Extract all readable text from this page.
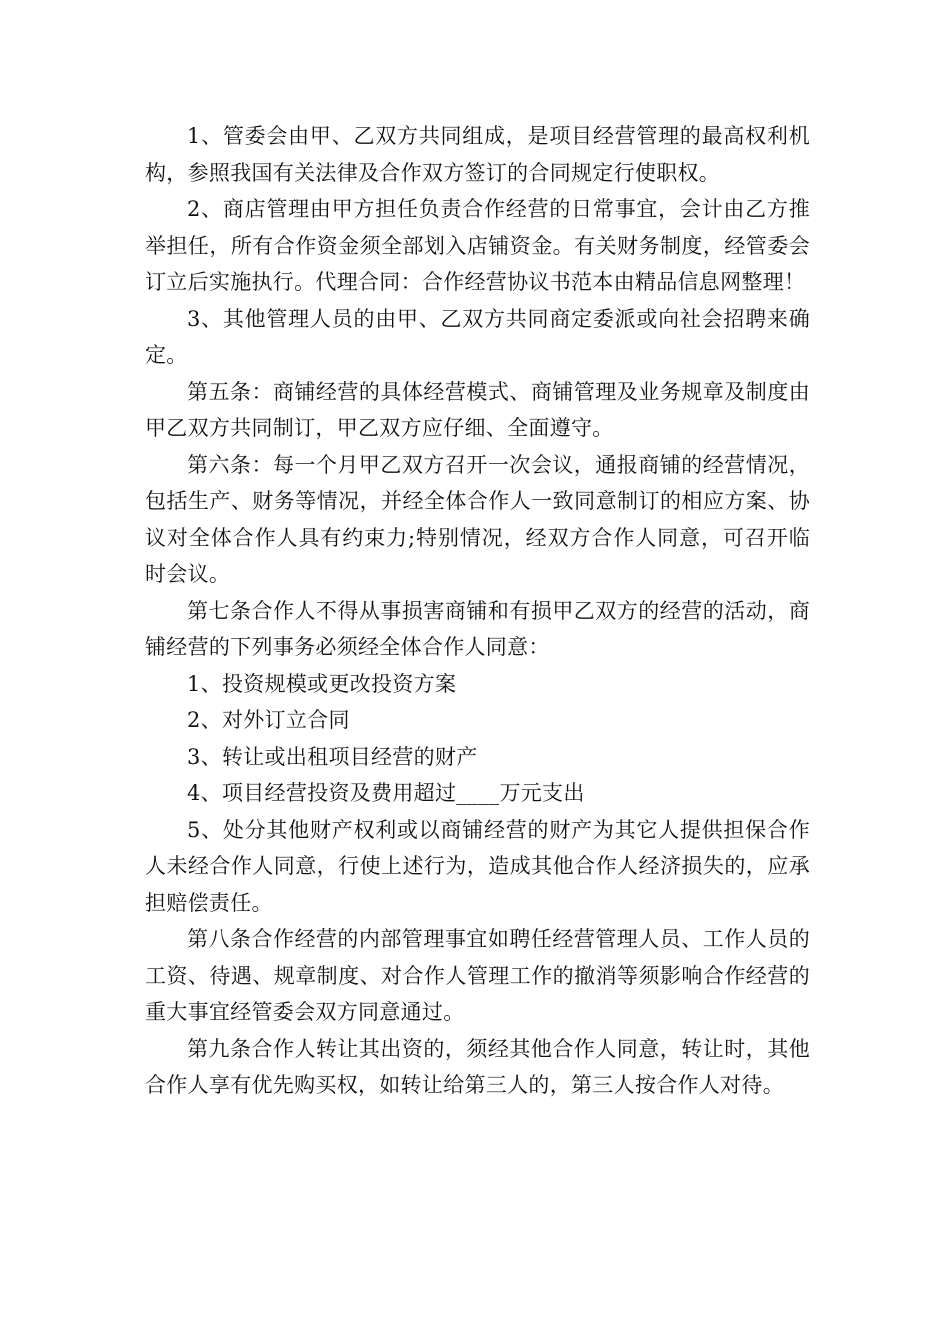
1、管委会由甲、乙双方共同组成，是项目经营管理的最高权利机构，参照我国有关法律及合作双方签订的合同规定行使职权。

2、商店管理由甲方担任负责合作经营的日常事宜，会计由乙方推举担任，所有合作资金须全部划入店铺资金。有关财务制度，经管委会订立后实施执行。代理合同：合作经营协议书范本由精品信息网整理！

3、其他管理人员的由甲、乙双方共同商定委派或向社会招聘来确定。

第五条：商铺经营的具体经营模式、商铺管理及业务规章及制度由甲乙双方共同制订，甲乙双方应仔细、全面遵守。

第六条：每一个月甲乙双方召开一次会议，通报商铺的经营情况，包括生产、财务等情况，并经全体合作人一致同意制订的相应方案、协议对全体合作人具有约束力;特别情况，经双方合作人同意，可召开临时会议。

第七条合作人不得从事损害商铺和有损甲乙双方的经营的活动，商铺经营的下列事务必须经全体合作人同意：

1、投资规模或更改投资方案

2、对外订立合同

3、转让或出租项目经营的财产

4、项目经营投资及费用超过____万元支出

5、处分其他财产权利或以商铺经营的财产为其它人提供担保合作人未经合作人同意，行使上述行为，造成其他合作人经济损失的，应承担赔偿责任。

第八条合作经营的内部管理事宜如聘任经营管理人员、工作人员的工资、待遇、规章制度、对合作人管理工作的撤消等须影响合作经营的重大事宜经管委会双方同意通过。

第九条合作人转让其出资的，须经其他合作人同意，转让时，其他合作人享有优先购买权，如转让给第三人的，第三人按合作人对待。
